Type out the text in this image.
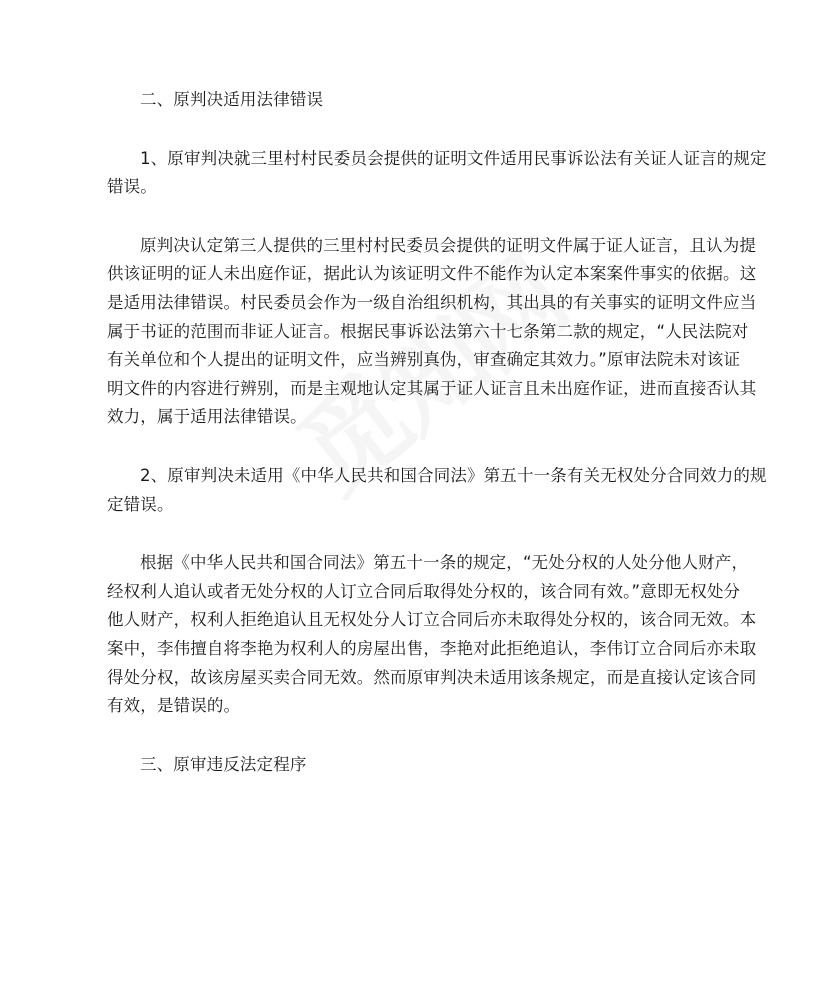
二、原判决适用法律错误
1、原审判决就三里村村民委员会提供的证明文件适用民事诉讼法有关证人证言的规定
错误。
原判决认定第三人提供的三里村村民委员会提供的证明文件属于证人证言，且认为提
供该证明的证人未出庭作证，据此认为该证明文件不能作为认定本案案件事实的依据。这
是适用法律错误。村民委员会作为一级自治组织机构，其出具的有关事实的证明文件应当
属于书证的范围而非证人证言。根据民事诉讼法第六十七条第二款的规定，“人民法院对
有关单位和个人提出的证明文件，应当辨别真伪，审查确定其效力。”原审法院未对该证
明文件的内容进行辨别，而是主观地认定其属于证人证言且未出庭作证，进而直接否认其
效力，属于适用法律错误。
2、原审判决未适用《中华人民共和国合同法》第五十一条有关无权处分合同效力的规
定错误。
根据《中华人民共和国合同法》第五十一条的规定，“无处分权的人处分他人财产，
经权利人追认或者无处分权的人订立合同后取得处分权的，该合同有效。”意即无权处分
他人财产，权利人拒绝追认且无权处分人订立合同后亦未取得处分权的，该合同无效。本
案中，李伟擅自将李艳为权利人的房屋出售，李艳对此拒绝追认，李伟订立合同后亦未取
得处分权，故该房屋买卖合同无效。然而原审判决未适用该条规定，而是直接认定该合同
有效，是错误的。
三、原审违反法定程序
